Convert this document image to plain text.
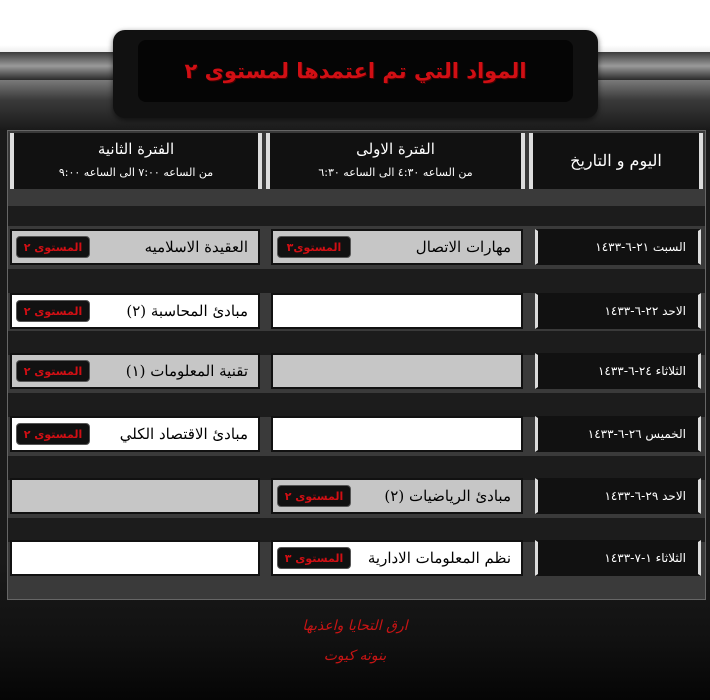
المواد التي تم اعتمدها لمستوى ٢
اليوم و التاريخ
الفترة الاولى
من الساعه ٤:٣٠ الى الساعه ٦:٣٠
الفترة الثانية
من الساعه ٧:٠٠ الى الساعه ٩:٠٠
السبت ٢١-٦-١٤٣٣
مهارات الاتصال
المستوى٣
العقيدة الاسلاميه
المستوى ٢
الاحد ٢٢-٦-١٤٣٣
مبادئ المحاسبة (٢)
المستوى ٢
الثلاثاء ٢٤-٦-١٤٣٣
تقنية المعلومات (١)
المستوى ٢
الخميس ٢٦-٦-١٤٣٣
مبادئ الاقتصاد الكلي
المستوى ٢
الاحد ٢٩-٦-١٤٣٣
مبادئ الرياضيات (٢)
المستوى ٢
الثلاثاء ١-٧-١٤٣٣
نظم المعلومات الادارية
المستوى ٣
ارق التحايا واعذبها
بنوته كيوت
